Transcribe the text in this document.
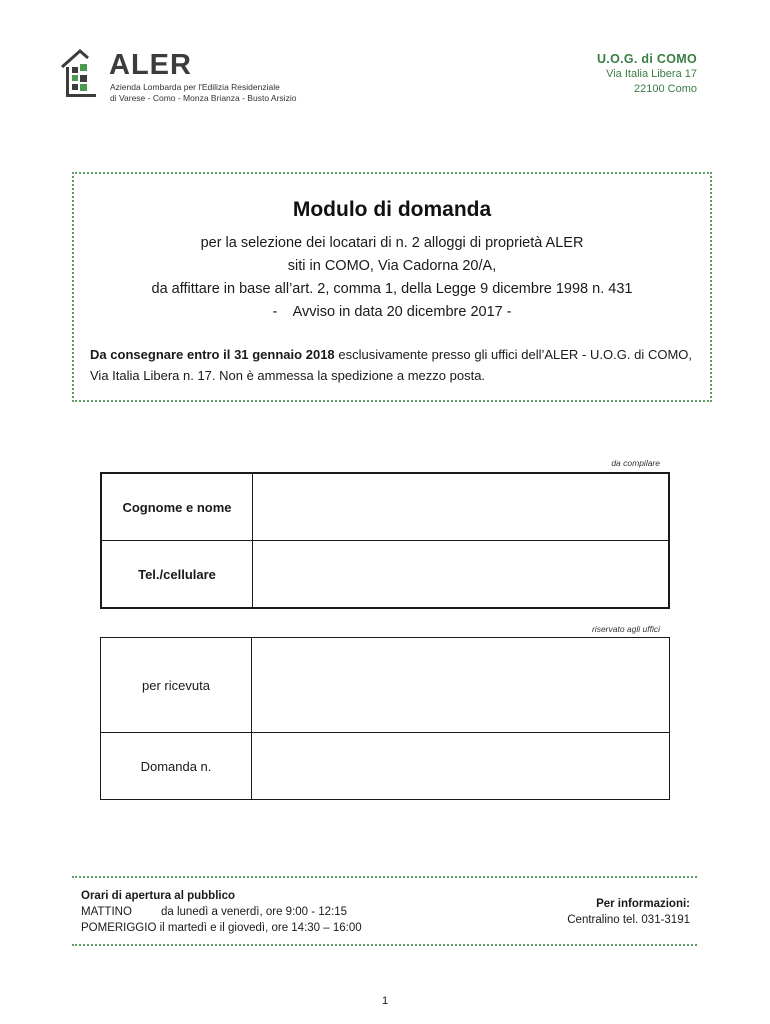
ALER
Azienda Lombarda per l'Edilizia Residenziale
di Varese - Como - Monza Brianza - Busto Arsizio
U.O.G. di COMO
Via Italia Libera 17
22100 Como
Modulo di domanda
per la selezione dei locatari di n. 2 alloggi di proprietà ALER
siti in COMO, Via Cadorna 20/A,
da affittare in base all’art. 2, comma 1, della Legge 9 dicembre 1998 n. 431
-    Avviso in data 20 dicembre 2017 -
Da consegnare entro il 31 gennaio 2018 esclusivamente presso gli uffici dell’ALER - U.O.G. di COMO, Via Italia Libera n. 17. Non è ammessa la spedizione a mezzo posta.
da compilare
Cognome e nome	
Tel./cellulare	
riservato agli uffici
per ricevuta	
Domanda n.	
Orari di apertura al pubblico
MATTINO	da lunedì a venerdì, ore 9:00 - 12:15
POMERIGGIO il martedì e il giovedì, ore 14:30 – 16:00
Per informazioni:
Centralino tel. 031-3191
1
